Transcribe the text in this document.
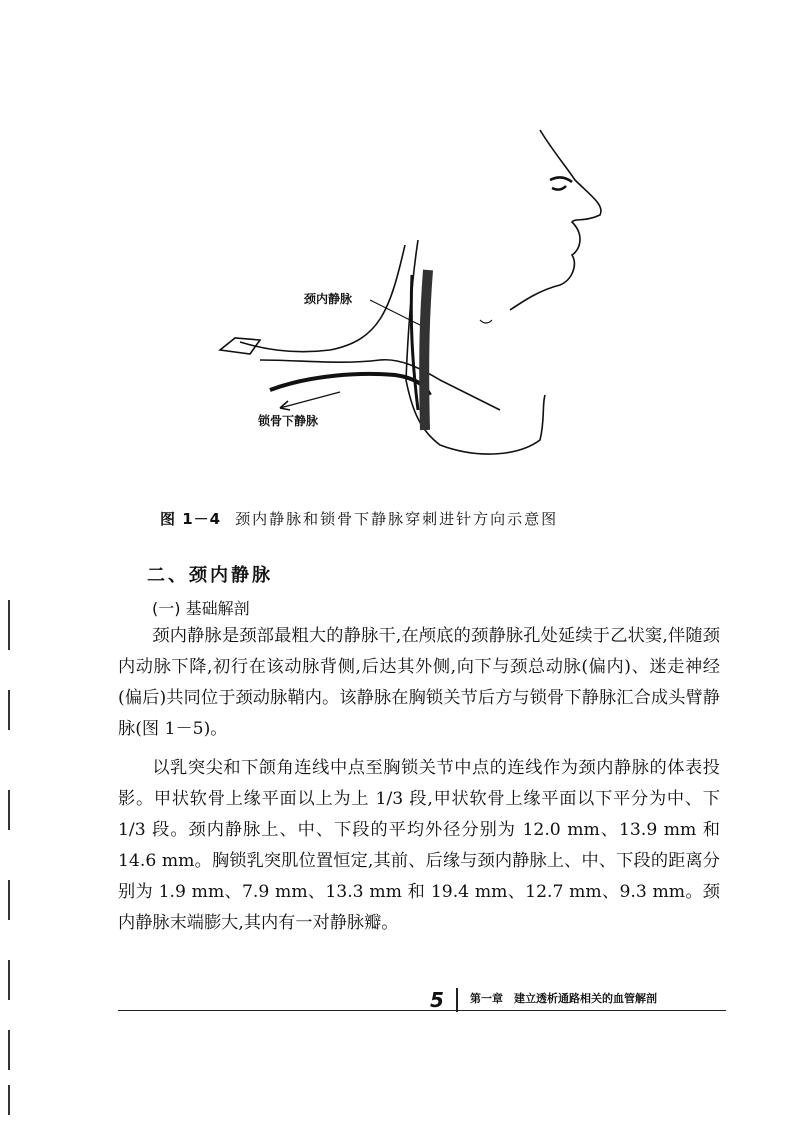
颈内静脉
锁骨下静脉
图 1－4 颈内静脉和锁骨下静脉穿刺进针方向示意图
二、颈内静脉
(一) 基础解剖

颈内静脉是颈部最粗大的静脉干,在颅底的颈静脉孔处延续于乙状窦,伴随颈内动脉下降,初行在该动脉背侧,后达其外侧,向下与颈总动脉(偏内)、迷走神经(偏后)共同位于颈动脉鞘内。该静脉在胸锁关节后方与锁骨下静脉汇合成头臂静脉(图 1－5)。

以乳突尖和下颌角连线中点至胸锁关节中点的连线作为颈内静脉的体表投影。甲状软骨上缘平面以上为上 1/3 段,甲状软骨上缘平面以下平分为中、下 1/3 段。颈内静脉上、中、下段的平均外径分别为 12.0 mm、13.9 mm 和 14.6 mm。胸锁乳突肌位置恒定,其前、后缘与颈内静脉上、中、下段的距离分别为 1.9 mm、7.9 mm、13.3 mm 和 19.4 mm、12.7 mm、9.3 mm。颈内静脉末端膨大,其内有一对静脉瓣。

5	第一章　建立透析通路相关的血管解剖
